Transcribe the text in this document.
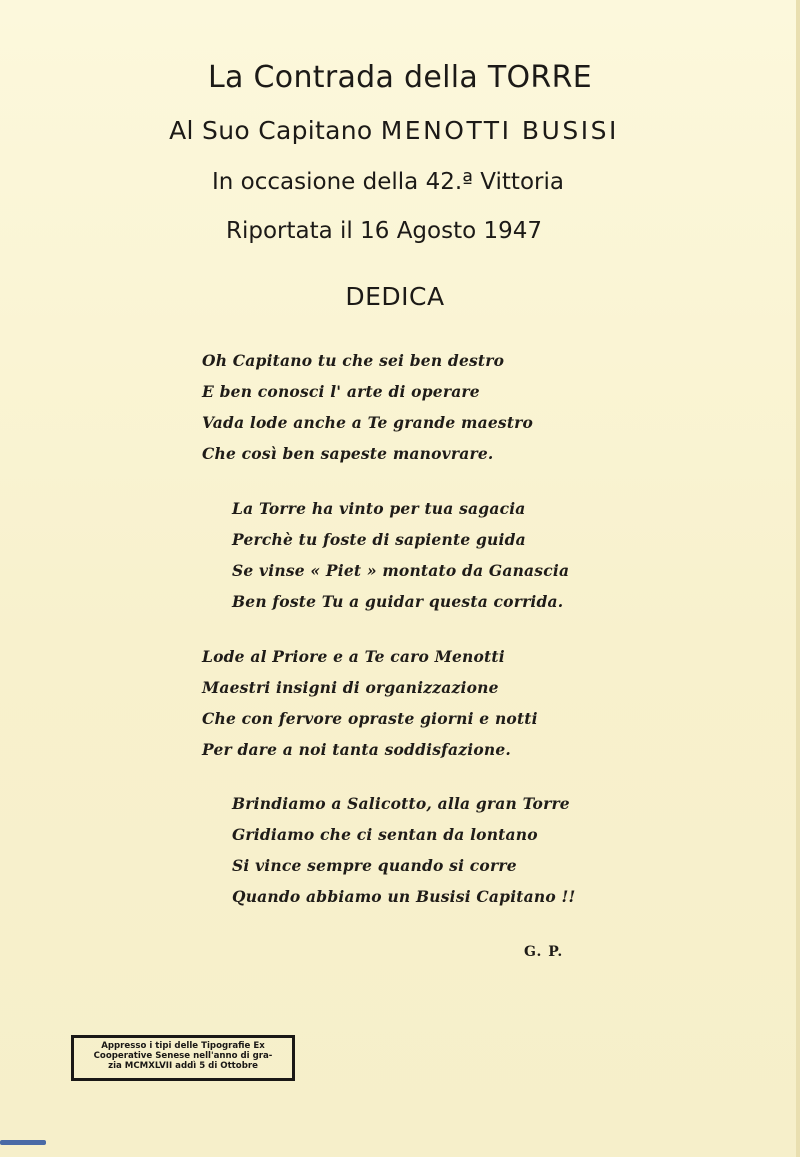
La Contrada della TORRE
Al Suo Capitano MENOTTI BUSISI
In occasione della 42.ª Vittoria
Riportata il 16 Agosto 1947
DEDICA
Oh Capitano tu che sei ben destro
E ben conosci l' arte di operare
Vada lode anche a Te grande maestro
Che così ben sapeste manovrare.
La Torre ha vinto per tua sagacia
Perchè tu foste di sapiente guida
Se vinse « Piet » montato da Ganascia
Ben foste Tu a guidar questa corrida.
Lode al Priore e a Te caro Menotti
Maestri insigni di organizzazione
Che con fervore opraste giorni e notti
Per dare a noi tanta soddisfazione.
Brindiamo a Salicotto, alla gran Torre
Gridiamo che ci sentan da lontano
Si vince sempre quando si corre
Quando abbiamo un Busisi Capitano !!
G. P.
Appresso i tipi delle Tipografie Ex
Cooperative Senese nell'anno di gra-
zia MCMXLVII addì 5 di Ottobre
